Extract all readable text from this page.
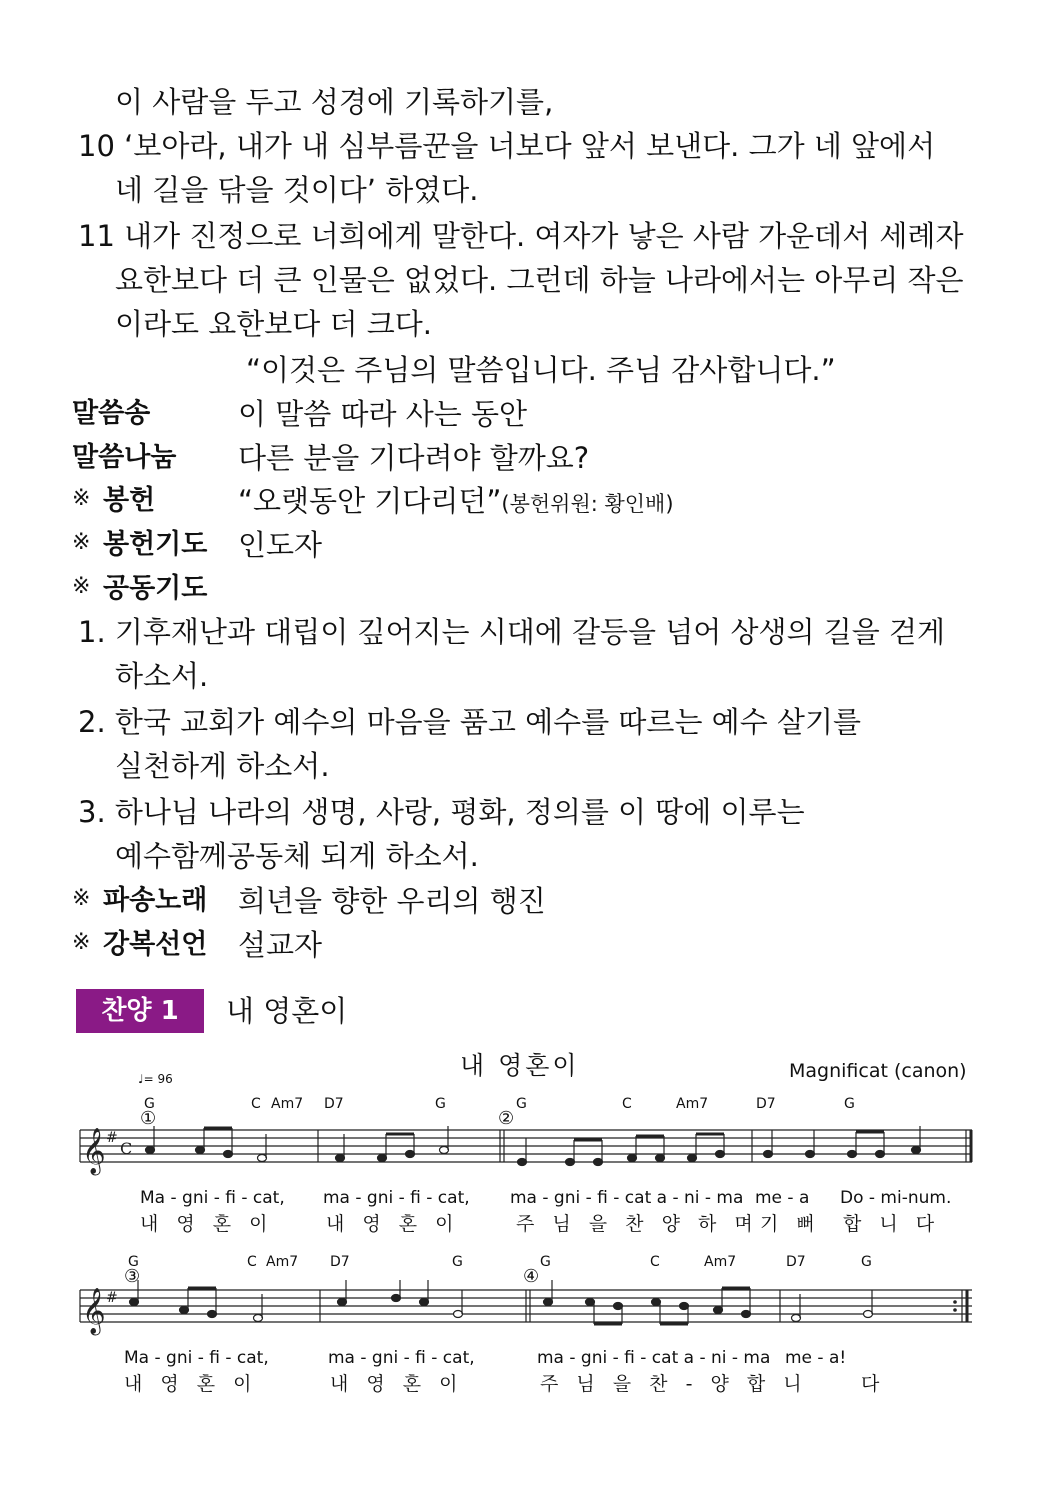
이 사람을 두고 성경에 기록하기를,
10 ‘보아라, 내가 내 심부름꾼을 너보다 앞서 보낸다. 그가 네 앞에서
네 길을 닦을 것이다’ 하였다.
11 내가 진정으로 너희에게 말한다. 여자가 낳은 사람 가운데서 세례자
요한보다 더 큰 인물은 없었다. 그런데 하늘 나라에서는 아무리 작은
이라도 요한보다 더 크다.
“이것은 주님의 말씀입니다. 주님 감사합니다.”
말씀송	이 말씀 따라 사는 동안
말씀나눔 다른 분을 기다려야 할까요?
※ 봉헌	“오랫동안 기다리던”(봉헌위원: 황인배)
※ 봉헌기도 인도자
※ 공동기도
1. 기후재난과 대립이 깊어지는 시대에 갈등을 넘어 상생의 길을 걷게
하소서.
2. 한국 교회가 예수의 마음을 품고 예수를 따르는 예수 살기를
실천하게 하소서.
3. 하나님 나라의 생명, 사랑, 평화, 정의를 이 땅에 이루는
예수함께공동체 되게 하소서.
※ 파송노래 희년을 향한 우리의 행진
※ 강복선언 설교자
찬양 1	내 영혼이
내 영혼이	Magnificat (canon)
♩= 96
G	C Am7 D7	G	G	C	Am7	D7	G
①	②
𝄞 #
C
Ma - gni - fi - cat, ma - gni - fi - cat, ma - gni - fi - cat a - ni - ma me - a Do - mi-num.
내 영 혼 이	내 영 혼 이	주 님 을 찬 양 하 며 기 뻐 합 니 다
G	C Am7 D7	G	G	C	Am7	D7	G
③	④
𝄞 #
Ma - gni - fi - cat,	ma - gni - fi - cat,	ma - gni - fi - cat a - ni - ma me - a!
내 영 혼 이	내 영 혼 이	주 님 을 찬 - 양 합 니	다
